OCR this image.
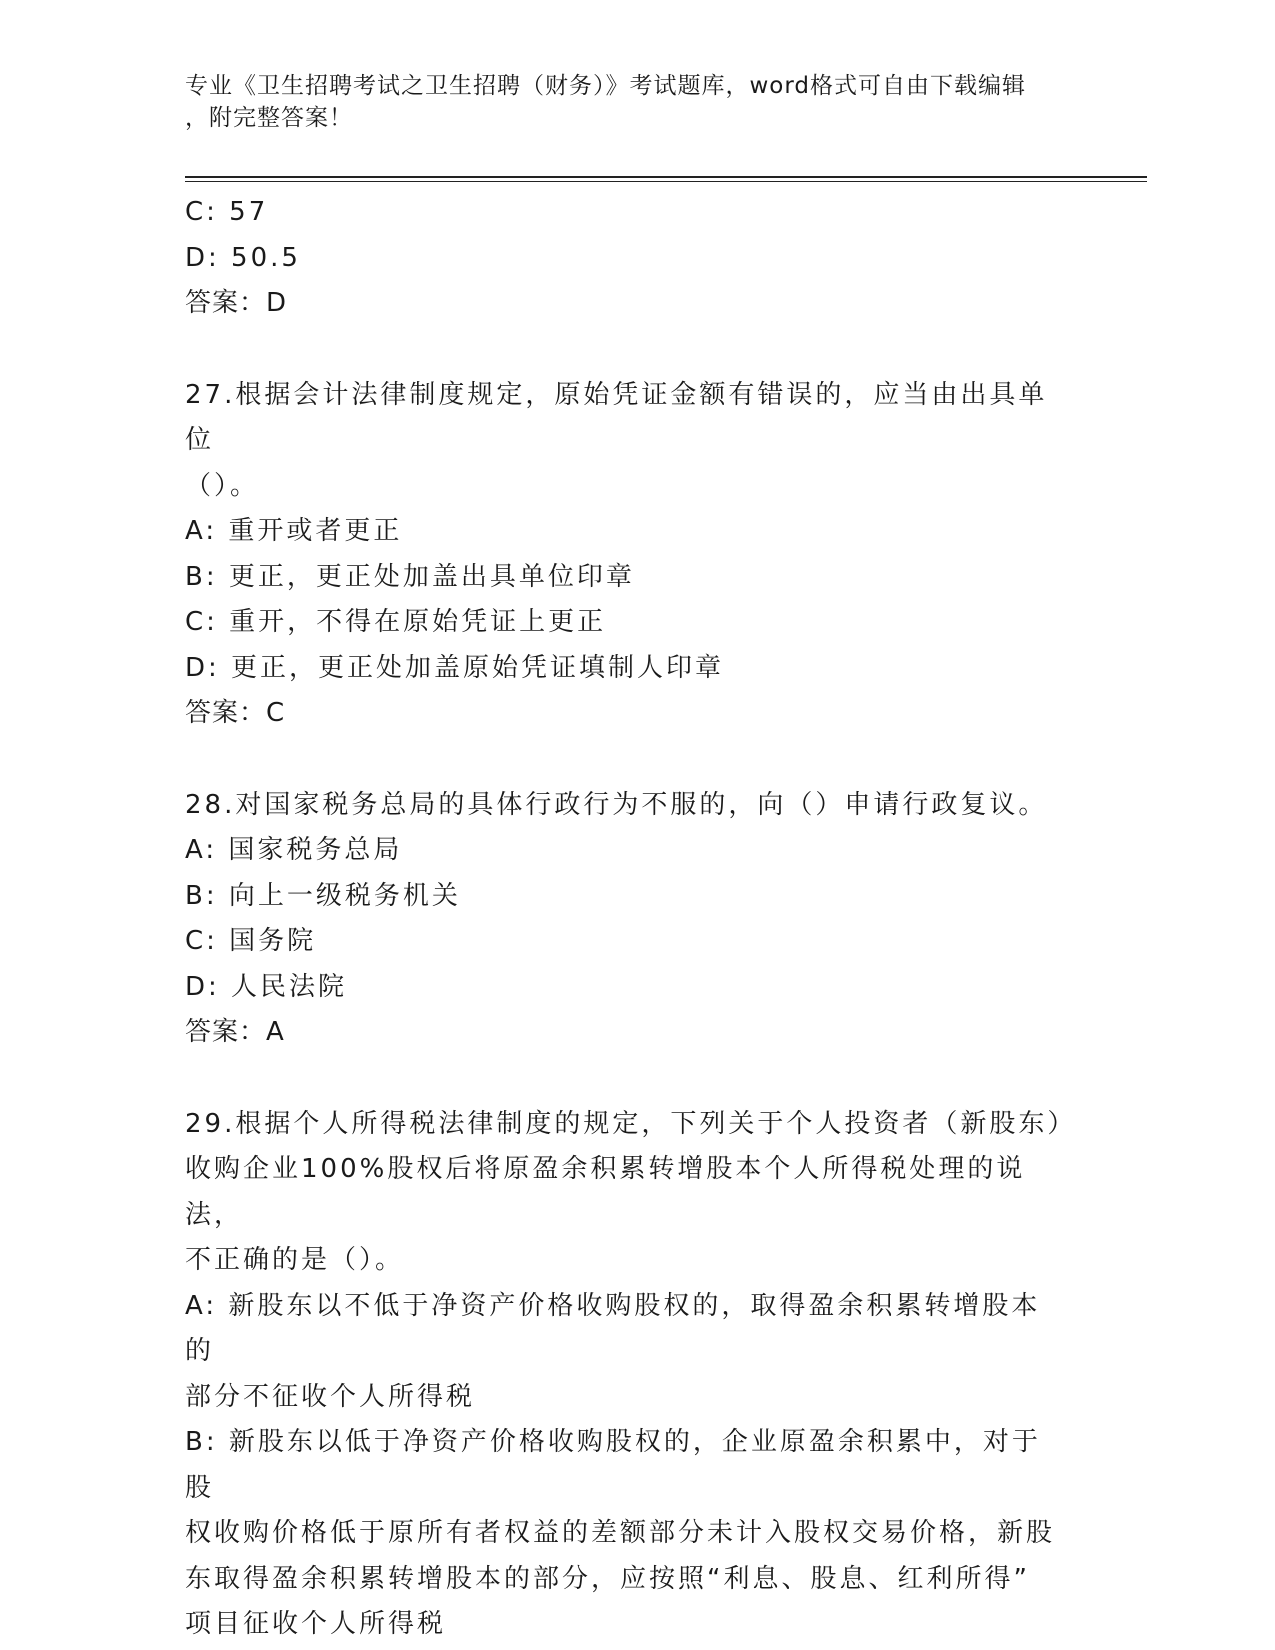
专业《卫生招聘考试之卫生招聘（财务）》考试题库，word格式可自由下载编辑
，附完整答案！

C: 57

D: 50.5

答案：D

27.根据会计法律制度规定，原始凭证金额有错误的，应当由出具单位

（）。

A: 重开或者更正

B: 更正，更正处加盖出具单位印章

C: 重开，不得在原始凭证上更正

D: 更正，更正处加盖原始凭证填制人印章

答案：C

28.对国家税务总局的具体行政行为不服的，向（）申请行政复议。

A: 国家税务总局

B: 向上一级税务机关

C: 国务院

D: 人民法院

答案：A

29.根据个人所得税法律制度的规定，下列关于个人投资者（新股东）

收购企业100%股权后将原盈余积累转增股本个人所得税处理的说法，

不正确的是（）。

A: 新股东以不低于净资产价格收购股权的，取得盈余积累转增股本的

部分不征收个人所得税

B: 新股东以低于净资产价格收购股权的，企业原盈余积累中，对于股

权收购价格低于原所有者权益的差额部分未计入股权交易价格，新股

东取得盈余积累转增股本的部分，应按照“利息、股息、红利所得”

项目征收个人所得税
